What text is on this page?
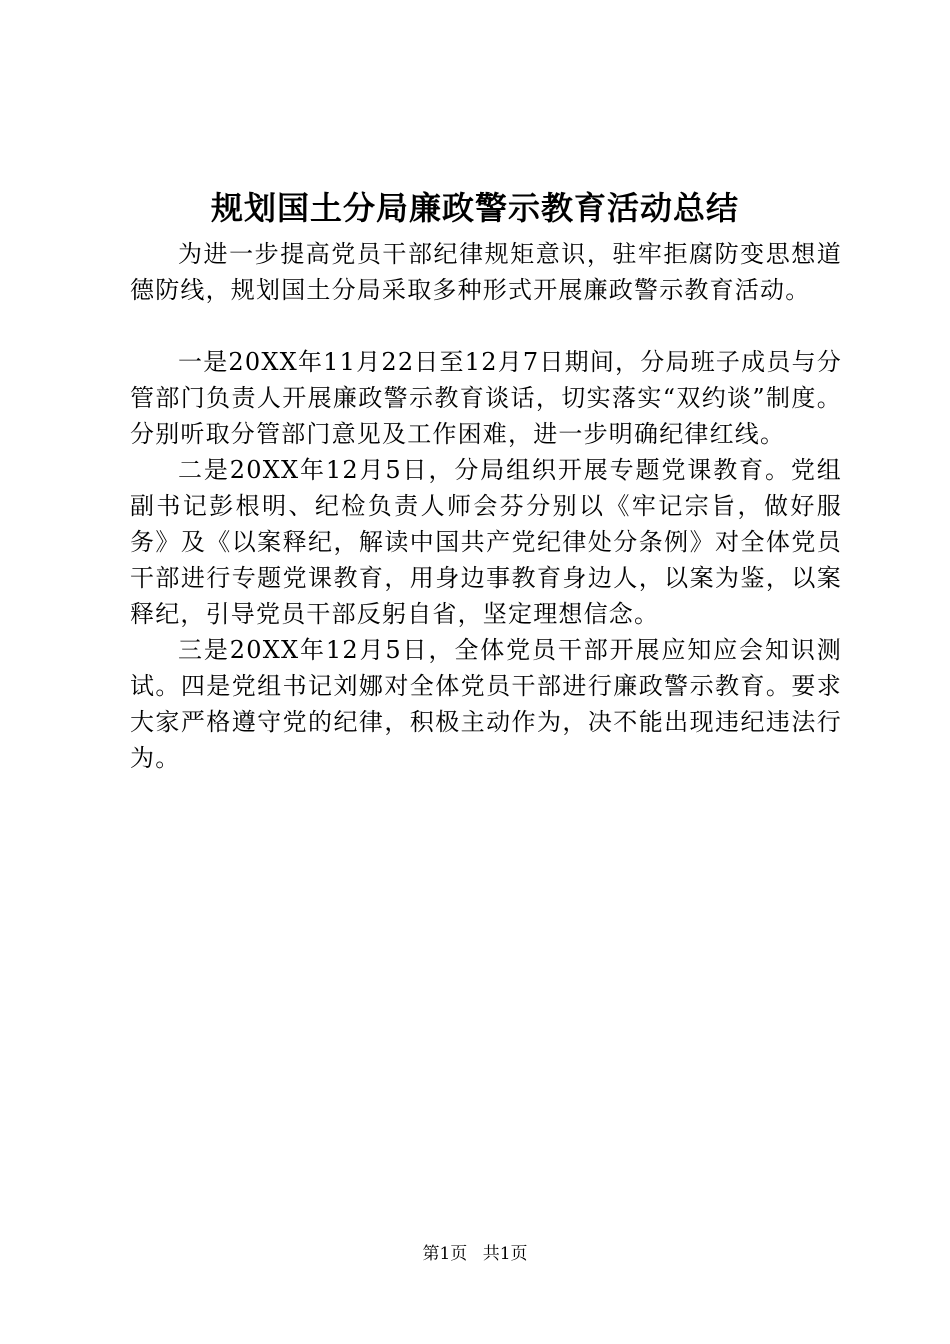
规划国土分局廉政警示教育活动总结

为进一步提高党员干部纪律规矩意识，驻牢拒腐防变思想道德防线，规划国土分局采取多种形式开展廉政警示教育活动。

一是20XX年11月22日至12月7日期间，分局班子成员与分管部门负责人开展廉政警示教育谈话，切实落实“双约谈”制度。分别听取分管部门意见及工作困难，进一步明确纪律红线。

二是20XX年12月5日，分局组织开展专题党课教育。党组副书记彭根明、纪检负责人师会芬分别以《牢记宗旨，做好服务》及《以案释纪，解读中国共产党纪律处分条例》对全体党员干部进行专题党课教育，用身边事教育身边人，以案为鉴，以案释纪，引导党员干部反躬自省，坚定理想信念。

三是20XX年12月5日，全体党员干部开展应知应会知识测试。四是党组书记刘娜对全体党员干部进行廉政警示教育。要求大家严格遵守党的纪律，积极主动作为，决不能出现违纪违法行为。

第1页 共1页
